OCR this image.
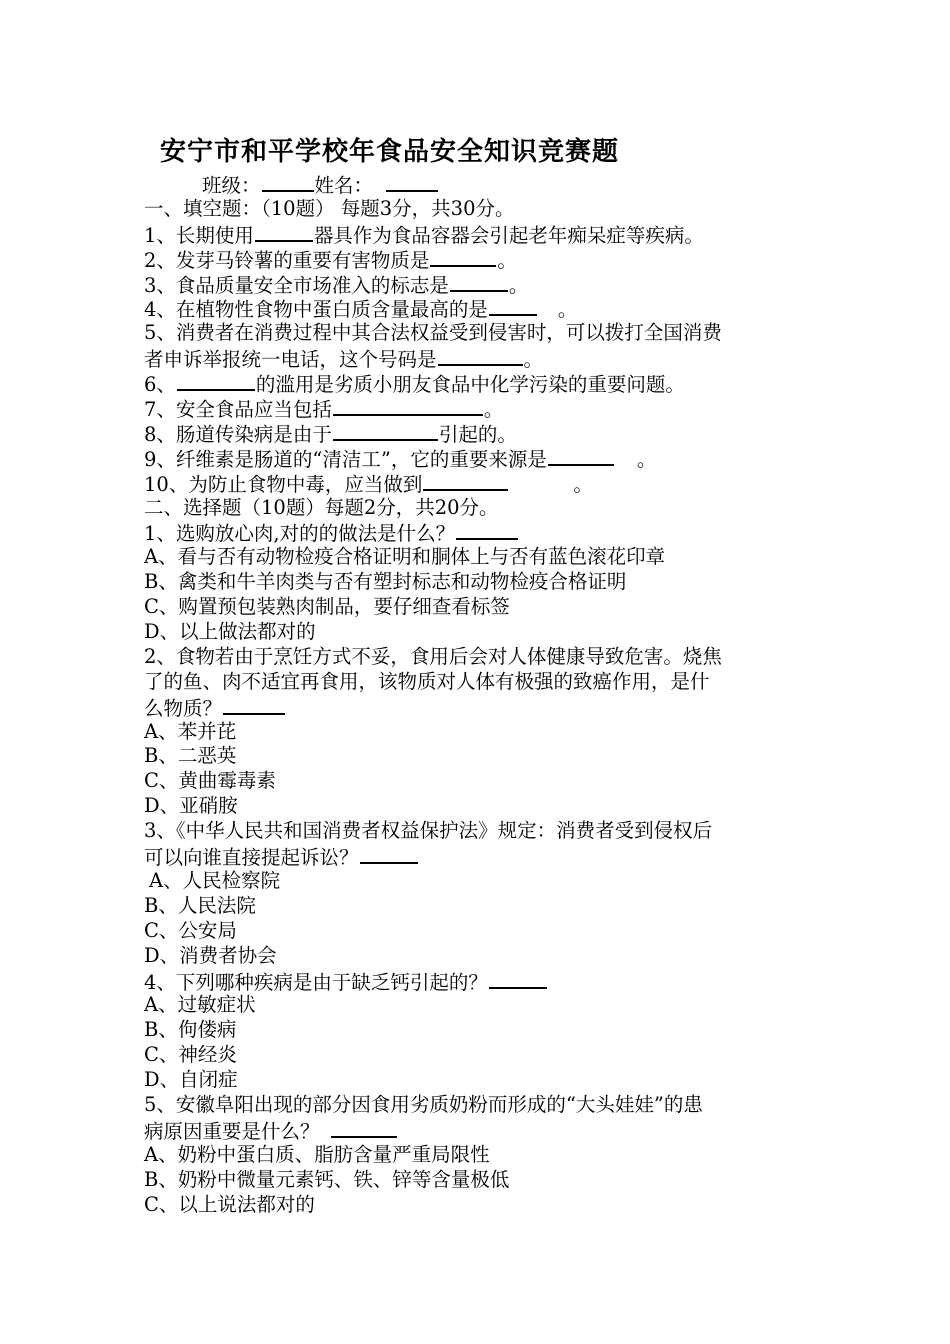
安宁市和平学校年食品安全知识竞赛题
班级：	姓名：
一、填空题：（10题） 每题3分，共30分。
1、长期使用	器具作为食品容器会引起老年痴呆症等疾病。
2、发芽马铃薯的重要有害物质是	。
3、食品质量安全市场准入的标志是	。
4、在植物性食物中蛋白质含量最高的是	。
5、消费者在消费过程中其合法权益受到侵害时，可以拨打全国消费
者申诉举报统一电话，这个号码是	。
6、	的滥用是劣质小朋友食品中化学污染的重要问题。
7、安全食品应当包括	。
8、肠道传染病是由于	引起的。
9、纤维素是肠道的“清洁工”，它的重要来源是	。
10、为防止食物中毒，应当做到	。
二、选择题（10题）每题2分，共20分。
1、选购放心肉,对的的做法是什么？
A、看与否有动物检疫合格证明和胴体上与否有蓝色滚花印章
B、禽类和牛羊肉类与否有塑封标志和动物检疫合格证明
C、购置预包装熟肉制品，要仔细查看标签
D、以上做法都对的
2、食物若由于烹饪方式不妥，食用后会对人体健康导致危害。烧焦
了的鱼、肉不适宜再食用，该物质对人体有极强的致癌作用，是什
么物质？
A、苯并芘
B、二恶英
C、黄曲霉毒素
D、亚硝胺
3、《中华人民共和国消费者权益保护法》规定：消费者受到侵权后
可以向谁直接提起诉讼？
A、人民检察院
B、人民法院
C、公安局
D、消费者协会
4、下列哪种疾病是由于缺乏钙引起的？
A、过敏症状
B、佝偻病
C、神经炎
D、自闭症
5、安徽阜阳出现的部分因食用劣质奶粉而形成的“大头娃娃”的患
病原因重要是什么？
A、奶粉中蛋白质、脂肪含量严重局限性
B、奶粉中微量元素钙、铁、锌等含量极低
C、以上说法都对的
